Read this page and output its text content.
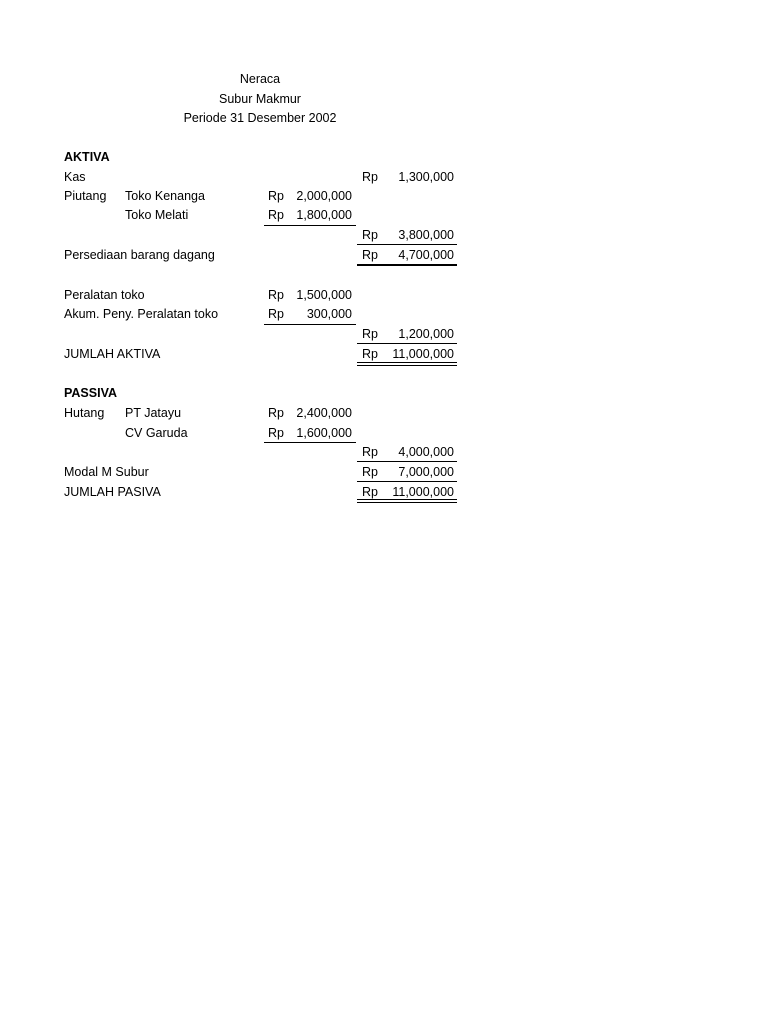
Neraca
Subur Makmur
Periode 31 Desember 2002
AKTIVA
Kas	Rp	1,300,000
Piutang Toko Kenanga	Rp 2,000,000
Toko Melati	Rp 1,800,000
Rp	3,800,000
Persediaan barang dagang	Rp	4,700,000
Peralatan toko	Rp 1,500,000
Akum. Peny. Peralatan toko	Rp	300,000
Rp	1,200,000
JUMLAH AKTIVA	Rp	11,000,000
PASSIVA
Hutang PT Jatayu	Rp 2,400,000
CV Garuda	Rp 1,600,000
Rp	4,000,000
Modal M Subur	Rp	7,000,000
JUMLAH PASIVA	Rp	11,000,000
